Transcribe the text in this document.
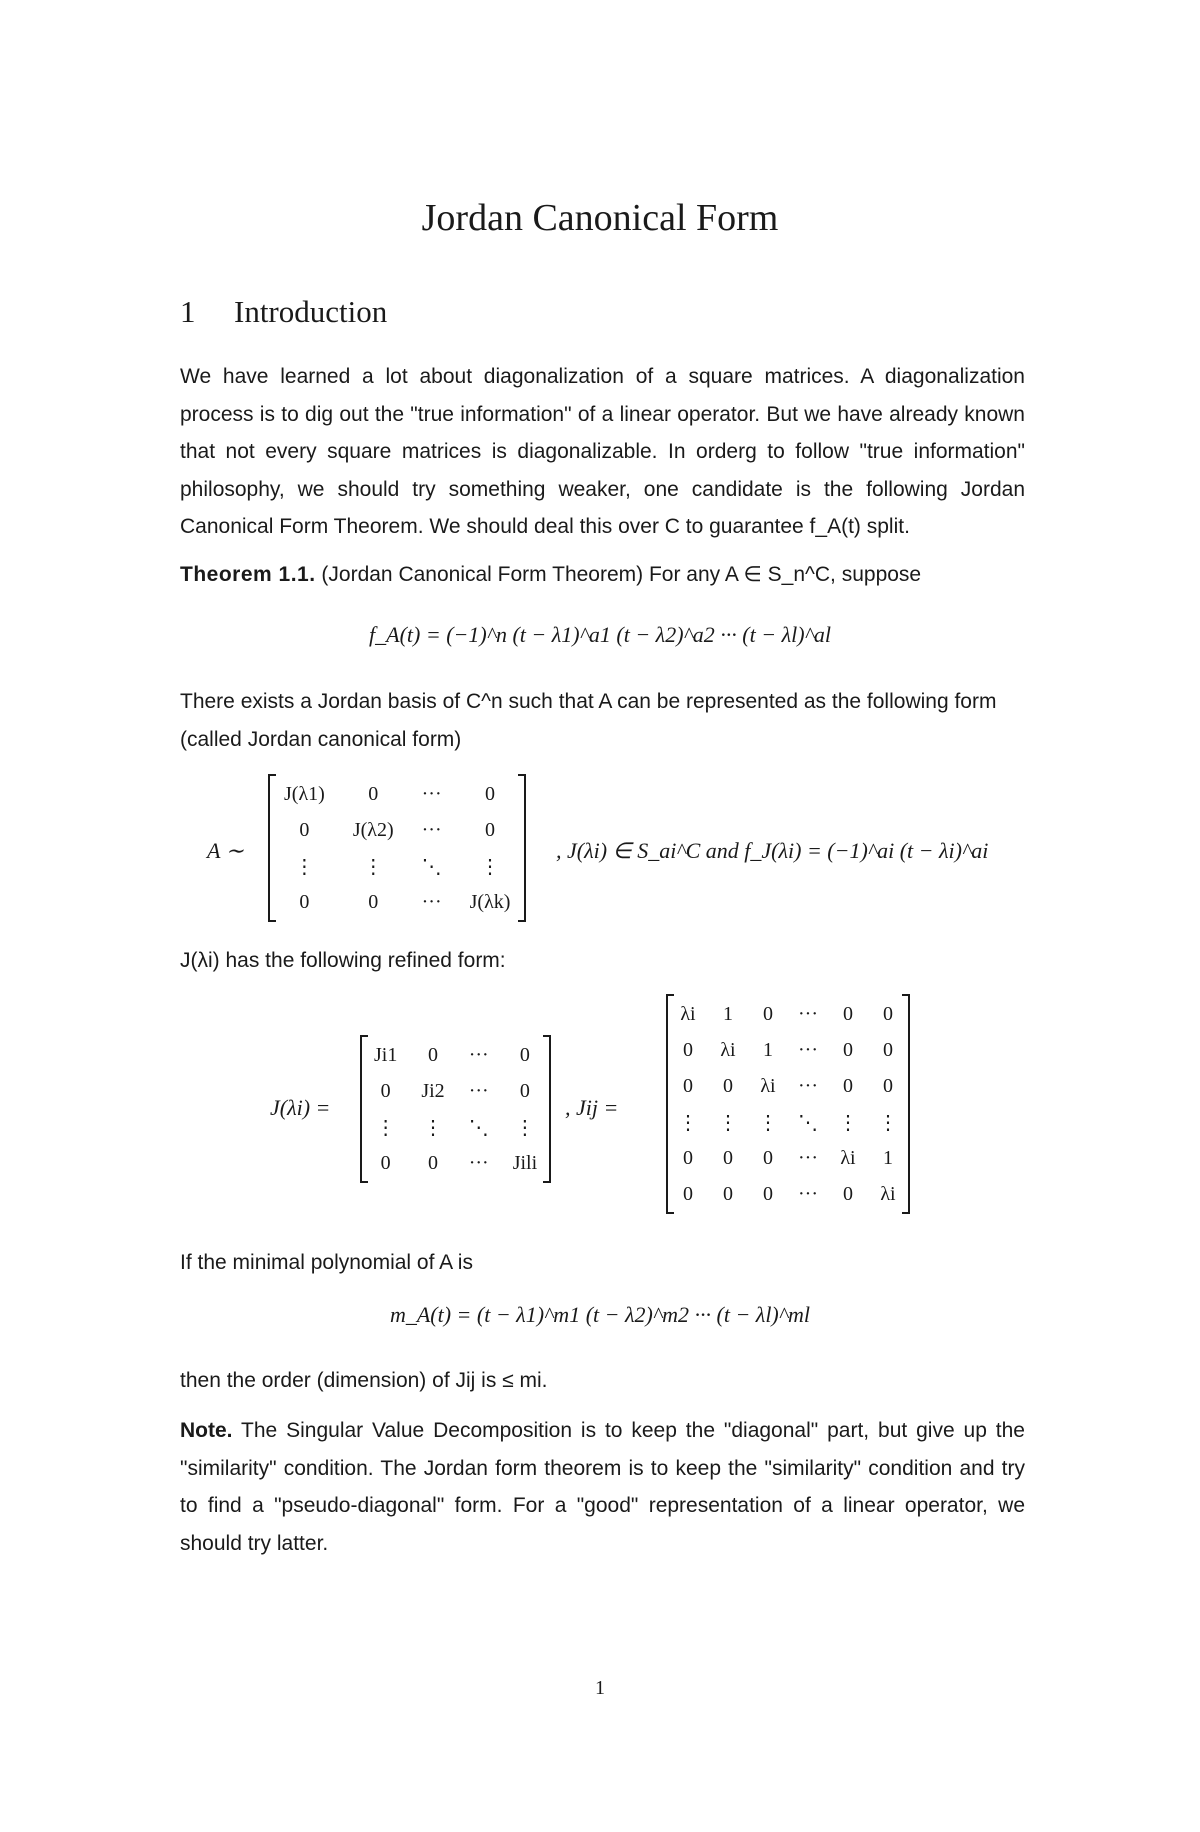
Jordan Canonical Form
1 Introduction
We have learned a lot about diagonalization of a square matrices. A diagonalization process is to dig out the "true information" of a linear operator. But we have already known that not every square matrices is diagonalizable. In orderg to follow "true information" philosophy, we should try something weaker, one candidate is the following Jordan Canonical Form Theorem. We should deal this over C to guarantee f_A(t) split.
Theorem 1.1. (Jordan Canonical Form Theorem) For any A ∈ S_n^C, suppose
f_A(t) = (−1)^n (t − λ1)^a1 (t − λ2)^a2 ··· (t − λl)^al
There exists a Jordan basis of C^n such that A can be represented as the following form (called Jordan canonical form)
A ∼
J(λ1)	0	···	0
0	J(λ2)	···	0
⋮	⋮	⋱	⋮
0	0	···	J(λk)
, J(λi) ∈ S_ai^C and f_J(λi) = (−1)^ai (t − λi)^ai
J(λi) has the following refined form:
J(λi) =
Ji1	0	···	0
0	Ji2	···	0
⋮	⋮	⋱	⋮
0	0	···	Jili
, Jij =
λi	1	0	···	0	0
0	λi	1	···	0	0
0	0	λi	···	0	0
⋮	⋮	⋮	⋱	⋮	⋮
0	0	0	···	λi	1
0	0	0	···	0	λi
If the minimal polynomial of A is
m_A(t) = (t − λ1)^m1 (t − λ2)^m2 ··· (t − λl)^ml
then the order (dimension) of Jij is ≤ mi.
Note. The Singular Value Decomposition is to keep the "diagonal" part, but give up the "similarity" condition. The Jordan form theorem is to keep the "similarity" condition and try to find a "pseudo-diagonal" form. For a "good" representation of a linear operator, we should try latter.
1
